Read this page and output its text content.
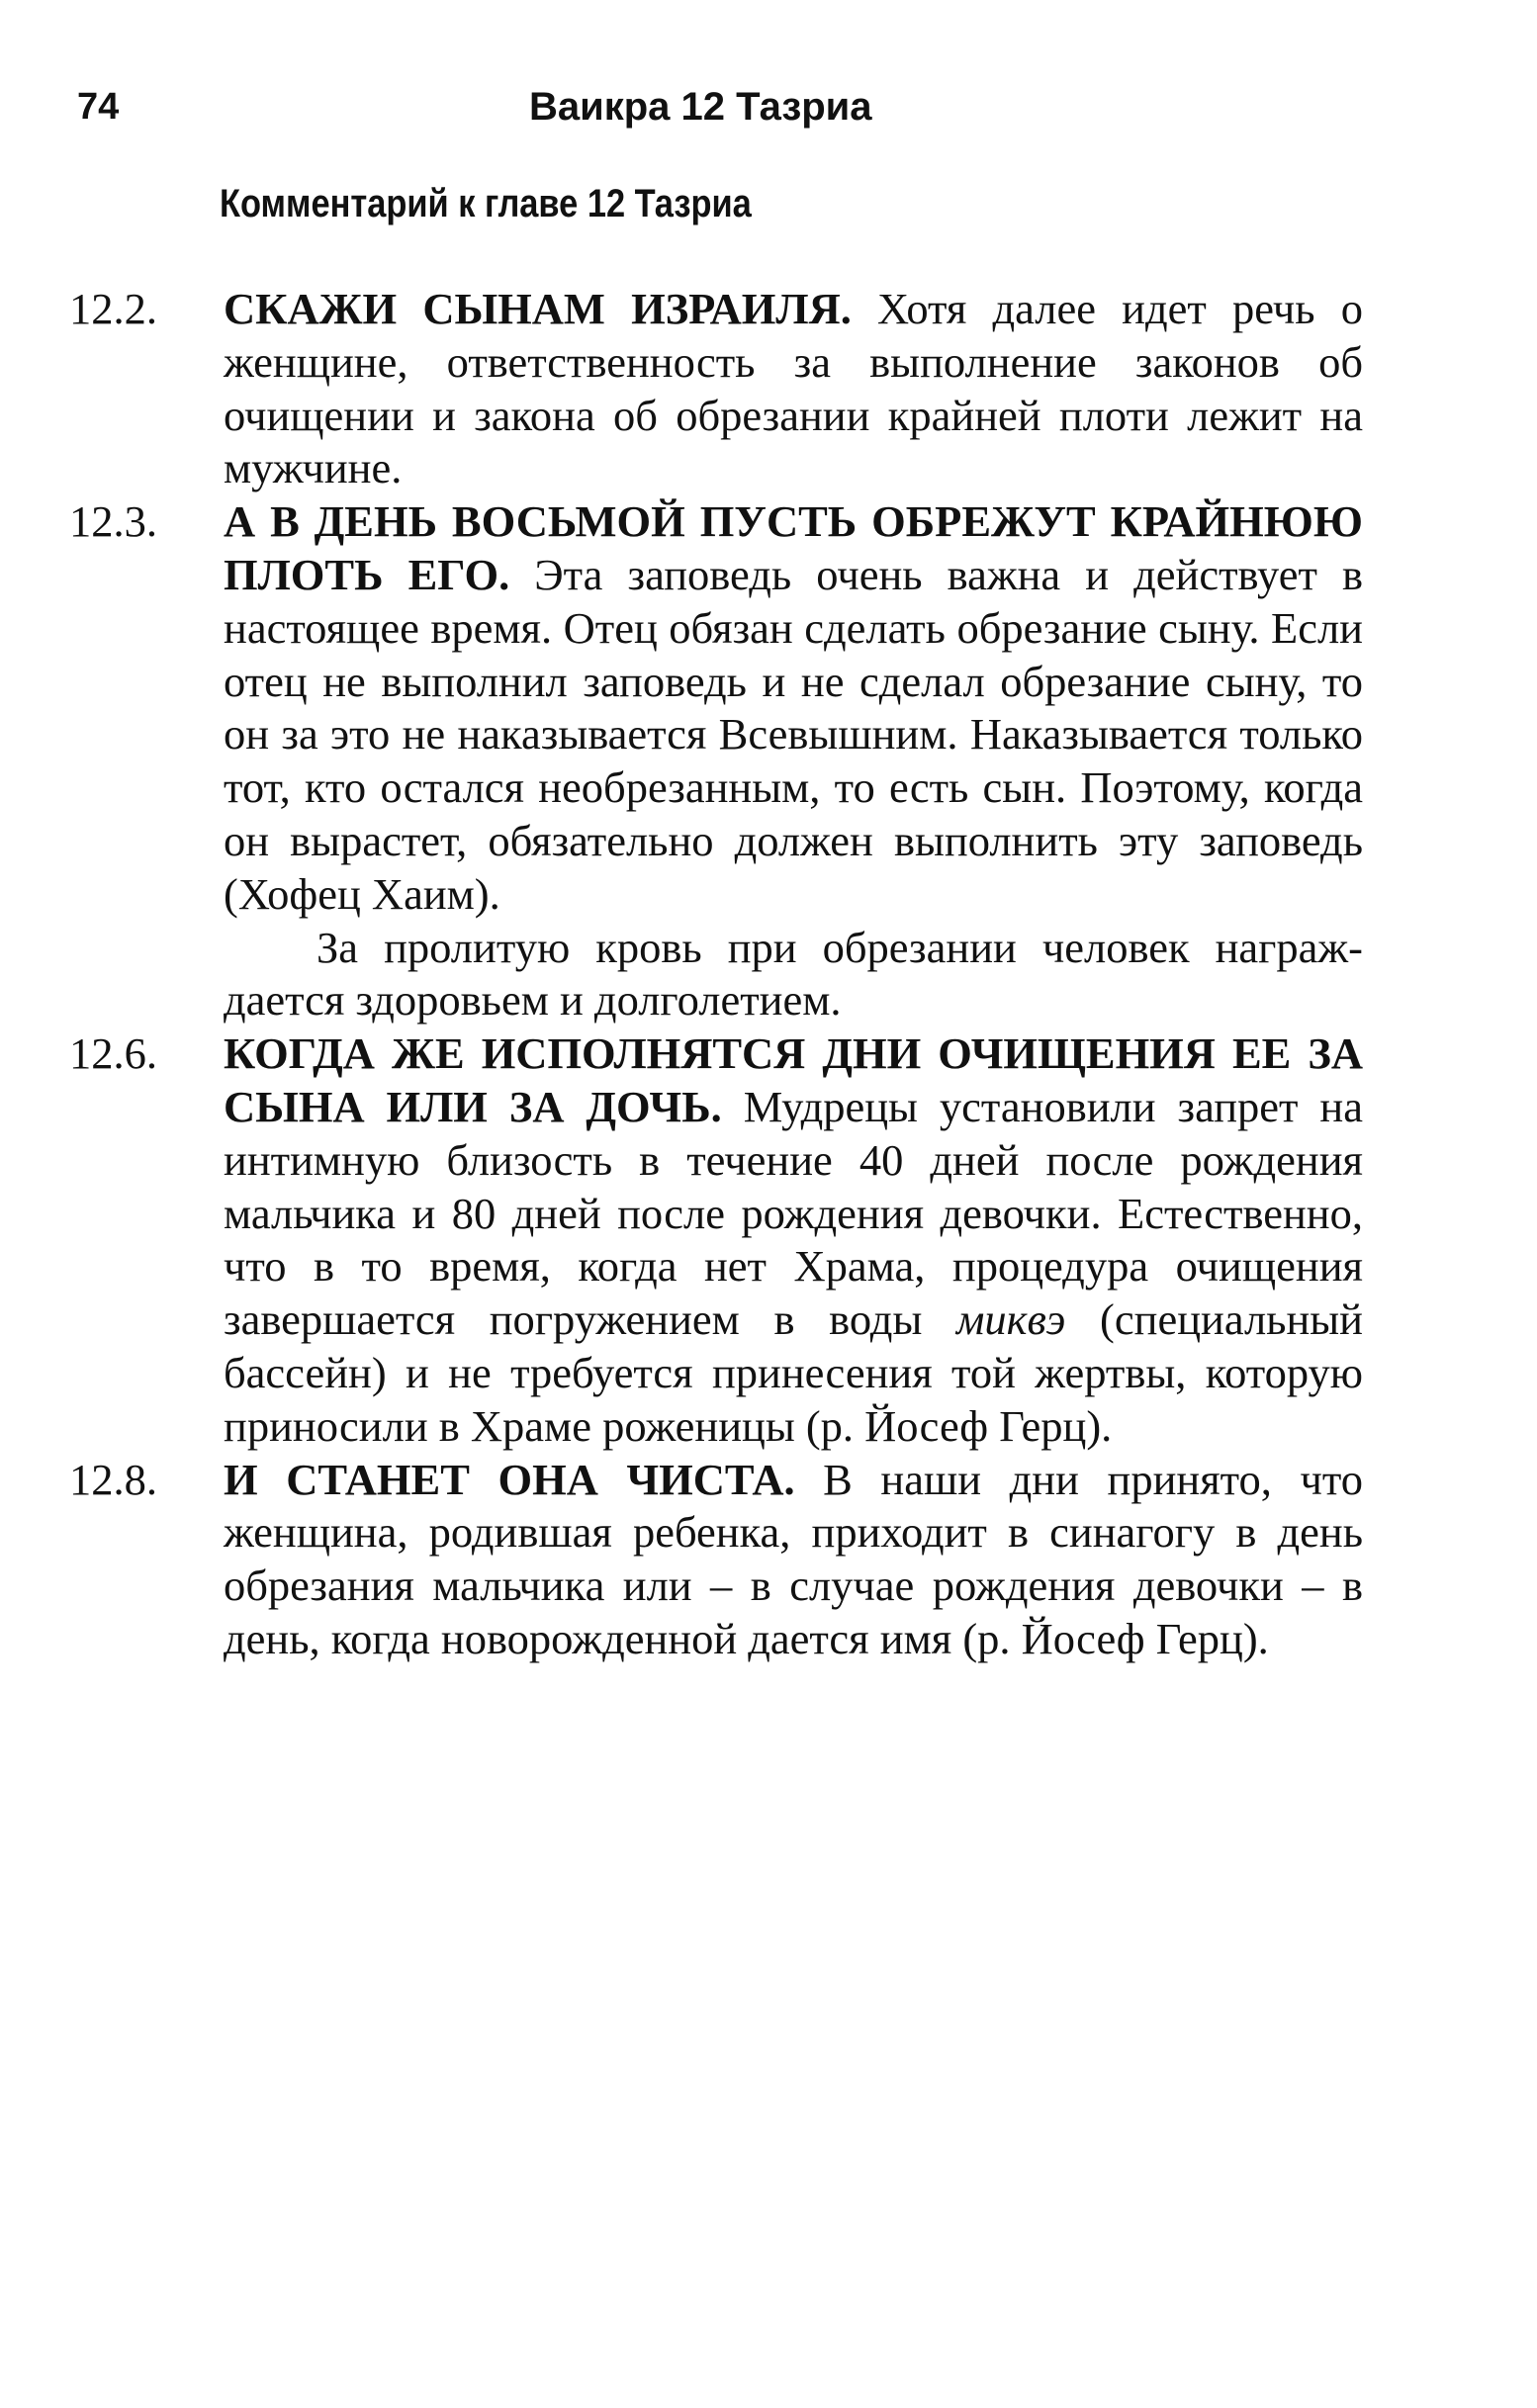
74	Ваикра 12 Тазриа
Комментарий к главе 12 Тазриа
12.2. СКАЖИ СЫНАМ ИЗРАИЛЯ. Хотя далее идет речь о женщине, ответственность за выполнение законов об очищении и закона об обрезании крайней плоти лежит на мужчине.

12.3. А В ДЕНЬ ВОСЬМОЙ ПУСТЬ ОБРЕЖУТ КРАЙНЮЮ ПЛОТЬ ЕГО. Эта заповедь очень важна и действует в настоящее время. Отец обязан сделать обрезание сыну. Если отец не выполнил заповедь и не сделал обрезание сыну, то он за это не наказывается Всевышним. Наказывается только тот, кто остался необрезанным, то есть сын. Поэтому, когда он вырастет, обязательно должен выполнить эту заповедь (Хофец Хаим).

За пролитую кровь при обрезании человек награждается здоровьем и долголетием.

12.6. КОГДА ЖЕ ИСПОЛНЯТСЯ ДНИ ОЧИЩЕНИЯ ЕЕ ЗА СЫНА ИЛИ ЗА ДОЧЬ. Мудрецы установили запрет на интимную близость в течение 40 дней после рождения мальчика и 80 дней после рождения девочки. Естественно, что в то время, когда нет Храма, процедура очищения завершается погружением в воды миквэ (специальный бассейн) и не требуется принесения той жертвы, которую приносили в Храме роженицы (р. Йосеф Герц).

12.8. И СТАНЕТ ОНА ЧИСТА. В наши дни принято, что женщина, родившая ребенка, приходит в синагогу в день обрезания мальчика или – в случае рождения девочки – в день, когда новорожденной дается имя (р. Йосеф Герц).
